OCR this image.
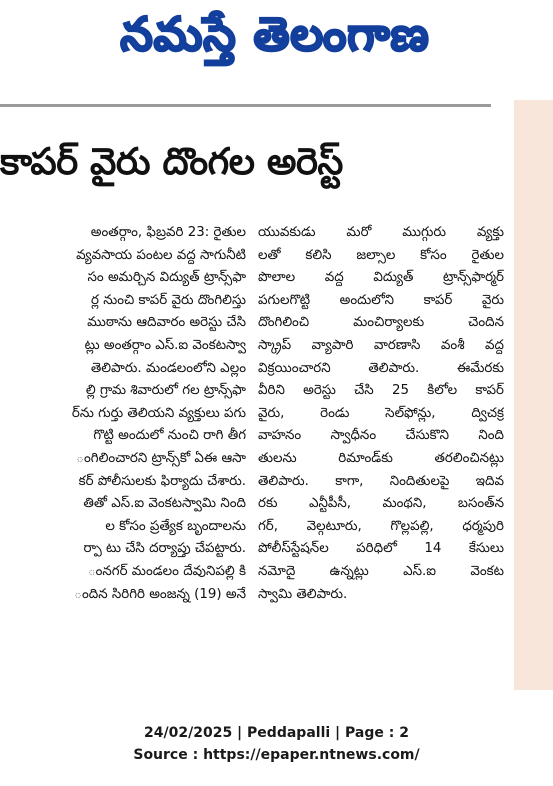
నమస్తే తెలంగాణ
కాపర్ వైరు దొంగల అరెస్ట్
అంతర్గాం, ఫిబ్రవరి 23: రైతుల
వ్యవసాయ పంటల వద్ద సాగునీటి
సం అమర్చిన విద్యుత్ ట్రాన్స్‌ఫా
ర్ల నుంచి కాపర్ వైరు దొంగిలిస్తు
ముఠాను ఆదివారం అరెస్టు చేసి
ట్లు అంతర్గాం ఎస్.ఐ వెంకటస్వా
తెలిపారు. మండలంలోని ఎల్లం
ల్లి గ్రామ శివారులో గల ట్రాన్స్‌ఫా
ర్‌ను గుర్తు తెలియని వ్యక్తులు పగు
గొట్టి అందులో నుంచి రాగి తీగ
ంగిలించారని ట్రాన్స్‌కో ఏఈ ఆసా
కర్ పోలీసులకు ఫిర్యాదు చేశారు.
తితో ఎస్.ఐ వెంకటస్వామి నింది
ల కోసం ప్రత్యేక బృందాలను
ర్పా టు చేసి దర్యాప్తు చేపట్టారు.
ంనగర్ మండలం దేవునిపల్లి కి
ందిన సిరిగిరి అంజన్న (19) అనే
యువకుడు మరో ముగ్గురు వ్యక్తు
లతో కలిసి జల్సాల కోసం రైతుల
పొలాల వద్ద విద్యుత్ ట్రాన్స్‌ఫార్మర్
పగులగొట్టి అందులోని కాపర్ వైరు
దొంగిలించి మంచిర్యాలకు చెందిన
స్క్రాప్ వ్యాపారి వారణాసి వంశీ వద్ద
విక్రయించారని తెలిపారు. ఈమేరకు
వీరిని అరెస్టు చేసి 25 కిలోల కాపర్
వైరు, రెండు సెల్‌ఫోన్లు, ద్విచక్ర
వాహనం స్వాధీనం చేసుకొని నింది
తులను రిమాండ్‌కు తరలించినట్లు
తెలిపారు. కాగా, నిందితులపై ఇదివ
రకు ఎన్టీపీసీ, మంథని, బసంత్‌న
గర్, వెల్గటూరు, గొల్లపల్లి, ధర్మపురి
పోలీస్‌స్టేషన్‌ల పరిధిలో 14 కేసులు
నమోదై ఉన్నట్లు ఎస్.ఐ వెంకట
స్వామి తెలిపారు.
24/02/2025 | Peddapalli | Page : 2
Source : https://epaper.ntnews.com/
